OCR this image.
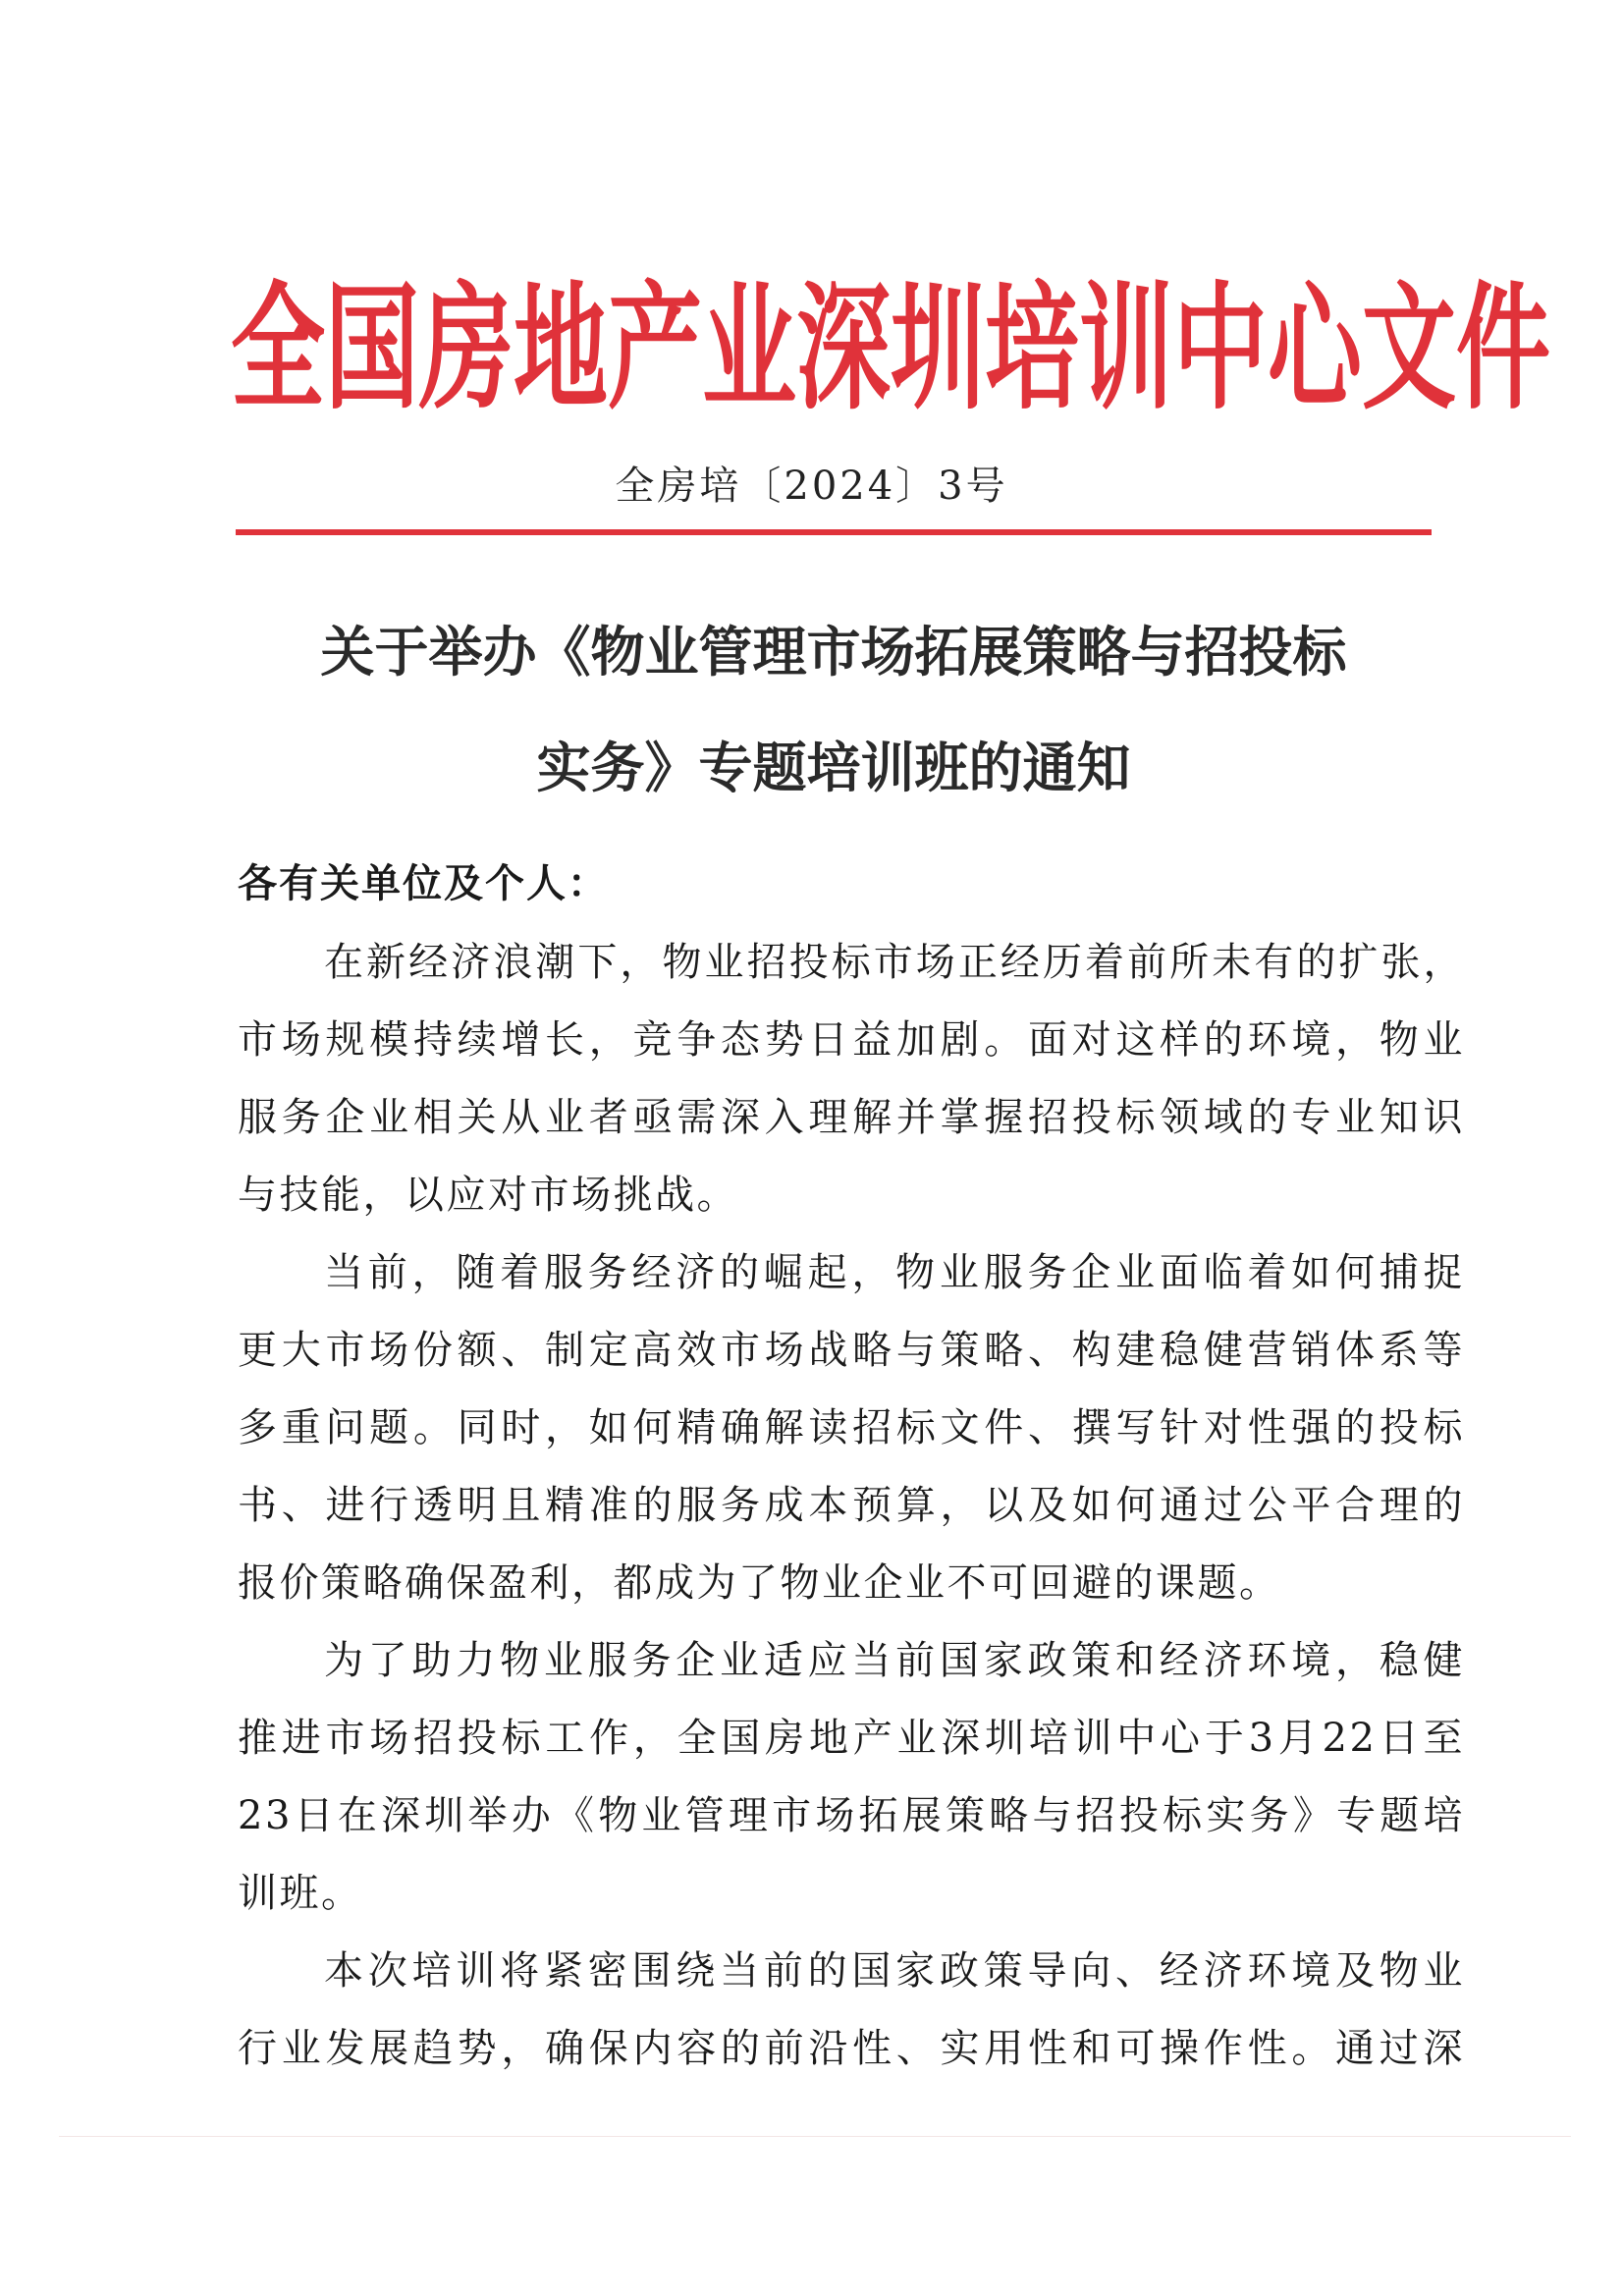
全 国 房 地 产 业 深 圳 培 训 中 心 文 件
全房培〔2024〕3号
关于举办《物业管理市场拓展策略与招投标
实务》专题培训班的通知
各有关单位及个人：
在新经济浪潮下，物业招投标市场正经历着前所未有的扩张，
市场规模持续增长，竞争态势日益加剧。面对这样的环境，物业
服务企业相关从业者亟需深入理解并掌握招投标领域的专业知识
与技能，以应对市场挑战。
当前，随着服务经济的崛起，物业服务企业面临着如何捕捉
更大市场份额、制定高效市场战略与策略、构建稳健营销体系等
多重问题。同时，如何精确解读招标文件、撰写针对性强的投标
书、进行透明且精准的服务成本预算，以及如何通过公平合理的
报价策略确保盈利，都成为了物业企业不可回避的课题。
为了助力物业服务企业适应当前国家政策和经济环境，稳健
推进市场招投标工作，全国房地产业深圳培训中心于3月22日至
23日在深圳举办《物业管理市场拓展策略与招投标实务》专题培
训班。
本次培训将紧密围绕当前的国家政策导向、经济环境及物业
行业发展趋势，确保内容的前沿性、实用性和可操作性。通过深
